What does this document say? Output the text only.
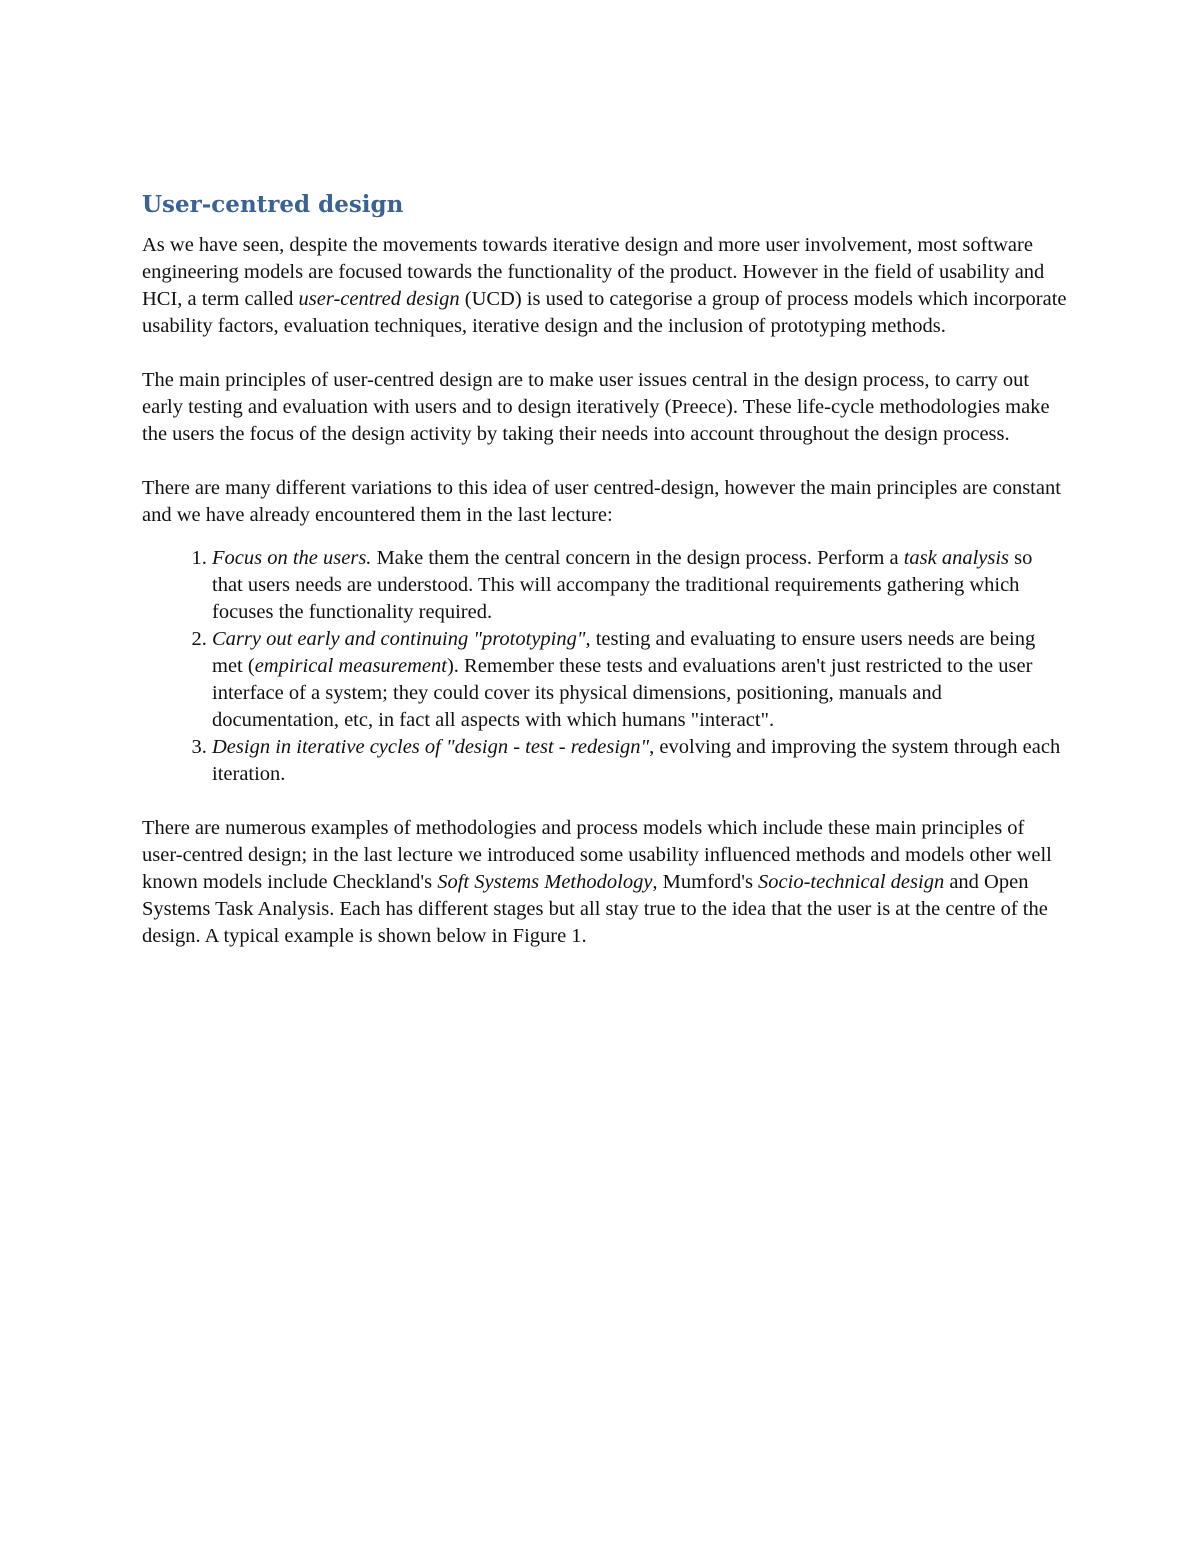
User-centred design

As we have seen, despite the movements towards iterative design and more user involvement, most software engineering models are focused towards the functionality of the product. However in the field of usability and HCI, a term called user-centred design (UCD) is used to categorise a group of process models which incorporate usability factors, evaluation techniques, iterative design and the inclusion of prototyping methods.

The main principles of user-centred design are to make user issues central in the design process, to carry out early testing and evaluation with users and to design iteratively (Preece). These life-cycle methodologies make the users the focus of the design activity by taking their needs into account throughout the design process.

There are many different variations to this idea of user centred-design, however the main principles are constant and we have already encountered them in the last lecture:

1. Focus on the users. Make them the central concern in the design process. Perform a task analysis so that users needs are understood. This will accompany the traditional requirements gathering which focuses the functionality required.
2. Carry out early and continuing "prototyping", testing and evaluating to ensure users needs are being met (empirical measurement). Remember these tests and evaluations aren't just restricted to the user interface of a system; they could cover its physical dimensions, positioning, manuals and documentation, etc, in fact all aspects with which humans "interact".
3. Design in iterative cycles of "design - test - redesign", evolving and improving the system through each iteration.

There are numerous examples of methodologies and process models which include these main principles of user-centred design; in the last lecture we introduced some usability influenced methods and models other well known models include Checkland's Soft Systems Methodology, Mumford's Socio-technical design and Open Systems Task Analysis. Each has different stages but all stay true to the idea that the user is at the centre of the design. A typical example is shown below in Figure 1.
